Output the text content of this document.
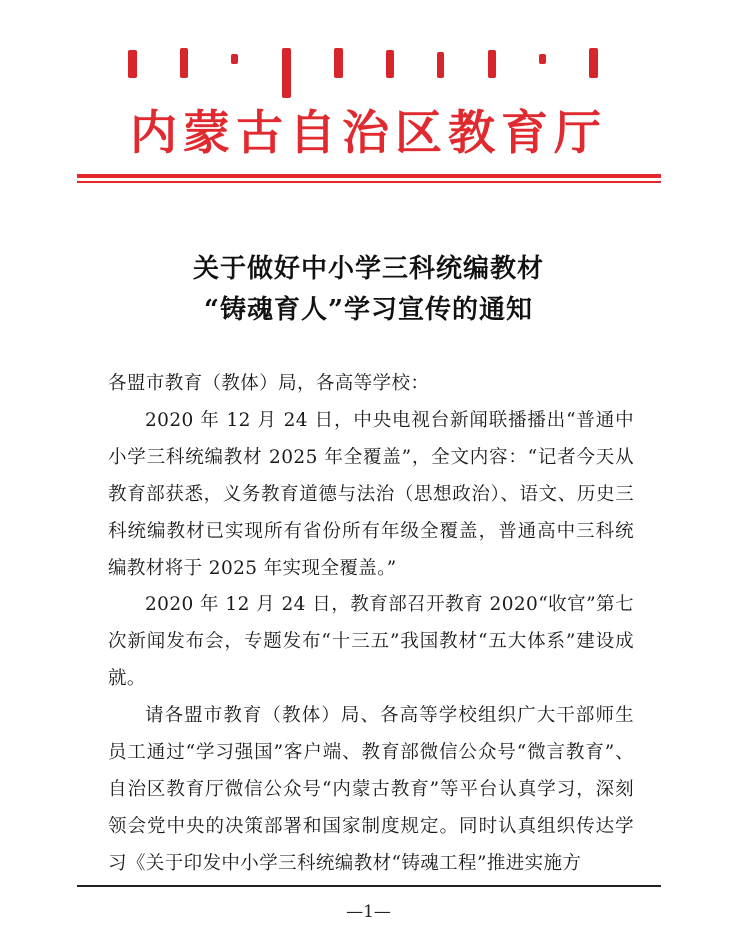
内蒙古自治区教育厅
关于做好中小学三科统编教材
“铸魂育人”学习宣传的通知

各盟市教育（教体）局，各高等学校：

2020 年 12 月 24 日，中央电视台新闻联播播出“普通中小学三科统编教材 2025 年全覆盖”，全文内容：“记者今天从教育部获悉，义务教育道德与法治（思想政治）、语文、历史三科统编教材已实现所有省份所有年级全覆盖，普通高中三科统编教材将于 2025 年实现全覆盖。”

2020 年 12 月 24 日，教育部召开教育 2020“收官”第七次新闻发布会，专题发布“十三五”我国教材“五大体系”建设成就。

请各盟市教育（教体）局、各高等学校组织广大干部师生员工通过“学习强国”客户端、教育部微信公众号“微言教育”、自治区教育厅微信公众号“内蒙古教育”等平台认真学习，深刻领会党中央的决策部署和国家制度规定。同时认真组织传达学习《关于印发中小学三科统编教材“铸魂工程”推进实施方

—1—
